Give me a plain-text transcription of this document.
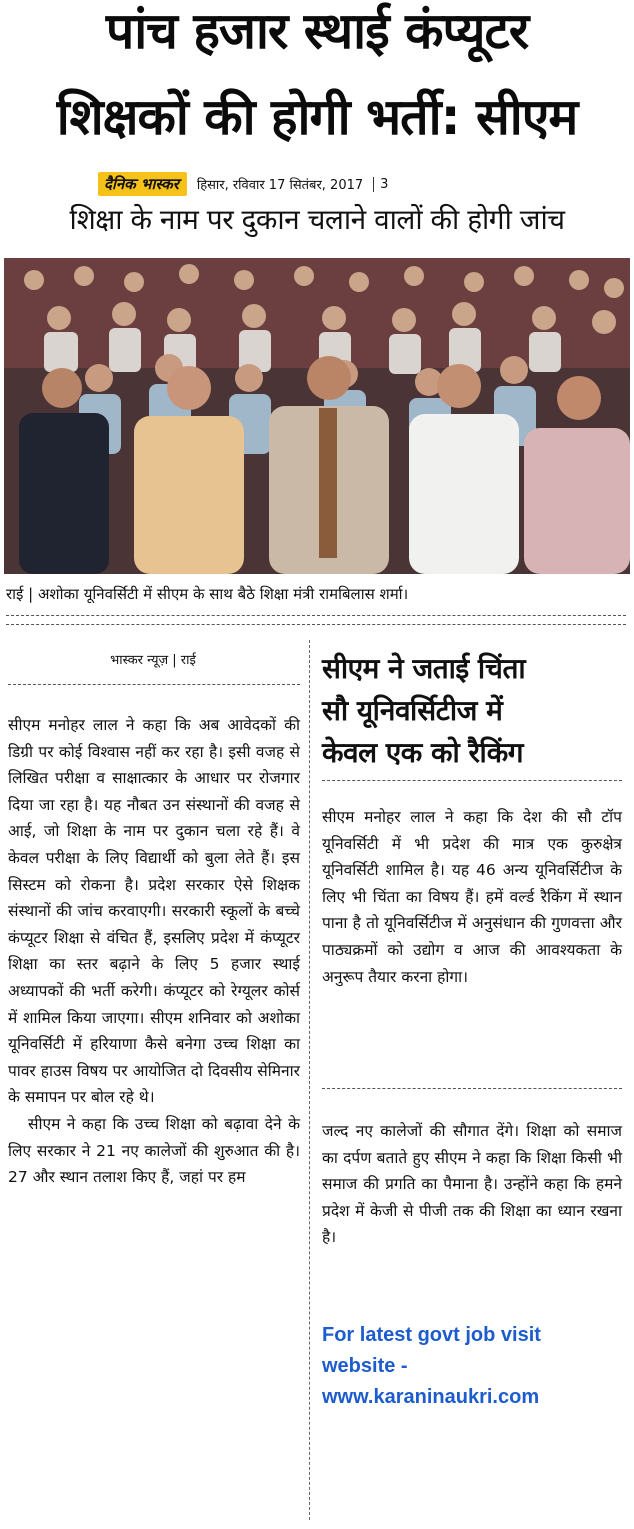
पांच हजार स्थाई कंप्यूटर
शिक्षकों की होगी भर्ती: सीएम
दैनिक भास्कर	हिसार, रविवार 17 सितंबर, 2017	3
शिक्षा के नाम पर दुकान चलाने वालों की होगी जांच
राई | अशोका यूनिवर्सिटी में सीएम के साथ बैठे शिक्षा मंत्री रामबिलास शर्मा।
भास्कर न्यूज़ | राई

सीएम मनोहर लाल ने कहा कि अब आवेदकों की डिग्री पर कोई विश्वास नहीं कर रहा है। इसी वजह से लिखित परीक्षा व साक्षात्कार के आधार पर रोजगार दिया जा रहा है। यह नौबत उन संस्थानों की वजह से आई, जो शिक्षा के नाम पर दुकान चला रहे हैं। वे केवल परीक्षा के लिए विद्यार्थी को बुला लेते हैं। इस सिस्टम को रोकना है। प्रदेश सरकार ऐसे शिक्षक संस्थानों की जांच करवाएगी। सरकारी स्कूलों के बच्चे कंप्यूटर शिक्षा से वंचित हैं, इसलिए प्रदेश में कंप्यूटर शिक्षा का स्तर बढ़ाने के लिए 5 हजार स्थाई अध्यापकों की भर्ती करेगी। कंप्यूटर को रेग्यूलर कोर्स में शामिल किया जाएगा। सीएम शनिवार को अशोका यूनिवर्सिटी में हरियाणा कैसे बनेगा उच्च शिक्षा का पावर हाउस विषय पर आयोजित दो दिवसीय सेमिनार के समापन पर बोल रहे थे।

सीएम ने कहा कि उच्च शिक्षा को बढ़ावा देने के लिए सरकार ने 21 नए कालेजों की शुरुआत की है। 27 और स्थान तलाश किए हैं, जहां पर हम

सीएम ने जताई चिंता
सौ यूनिवर्सिटीज में
केवल एक को रैकिंग
सीएम मनोहर लाल ने कहा कि देश की सौ टॉप यूनिवर्सिटी में भी प्रदेश की मात्र एक कुरुक्षेत्र यूनिवर्सिटी शामिल है। यह 46 अन्य यूनिवर्सिटीज के लिए भी चिंता का विषय हैं। हमें वर्ल्ड रैकिंग में स्थान पाना है तो यूनिवर्सिटीज में अनुसंधान की गुणवत्ता और पाठ्यक्रमों को उद्योग व आज की आवश्यकता के अनुरूप तैयार करना होगा।
जल्द नए कालेजों की सौगात देंगे। शिक्षा को समाज का दर्पण बताते हुए सीएम ने कहा कि शिक्षा किसी भी समाज की प्रगति का पैमाना है। उन्होंने कहा कि हमने प्रदेश में केजी से पीजी तक की शिक्षा का ध्यान रखना है।
For latest govt job visit
website -
www.karaninaukri.com
